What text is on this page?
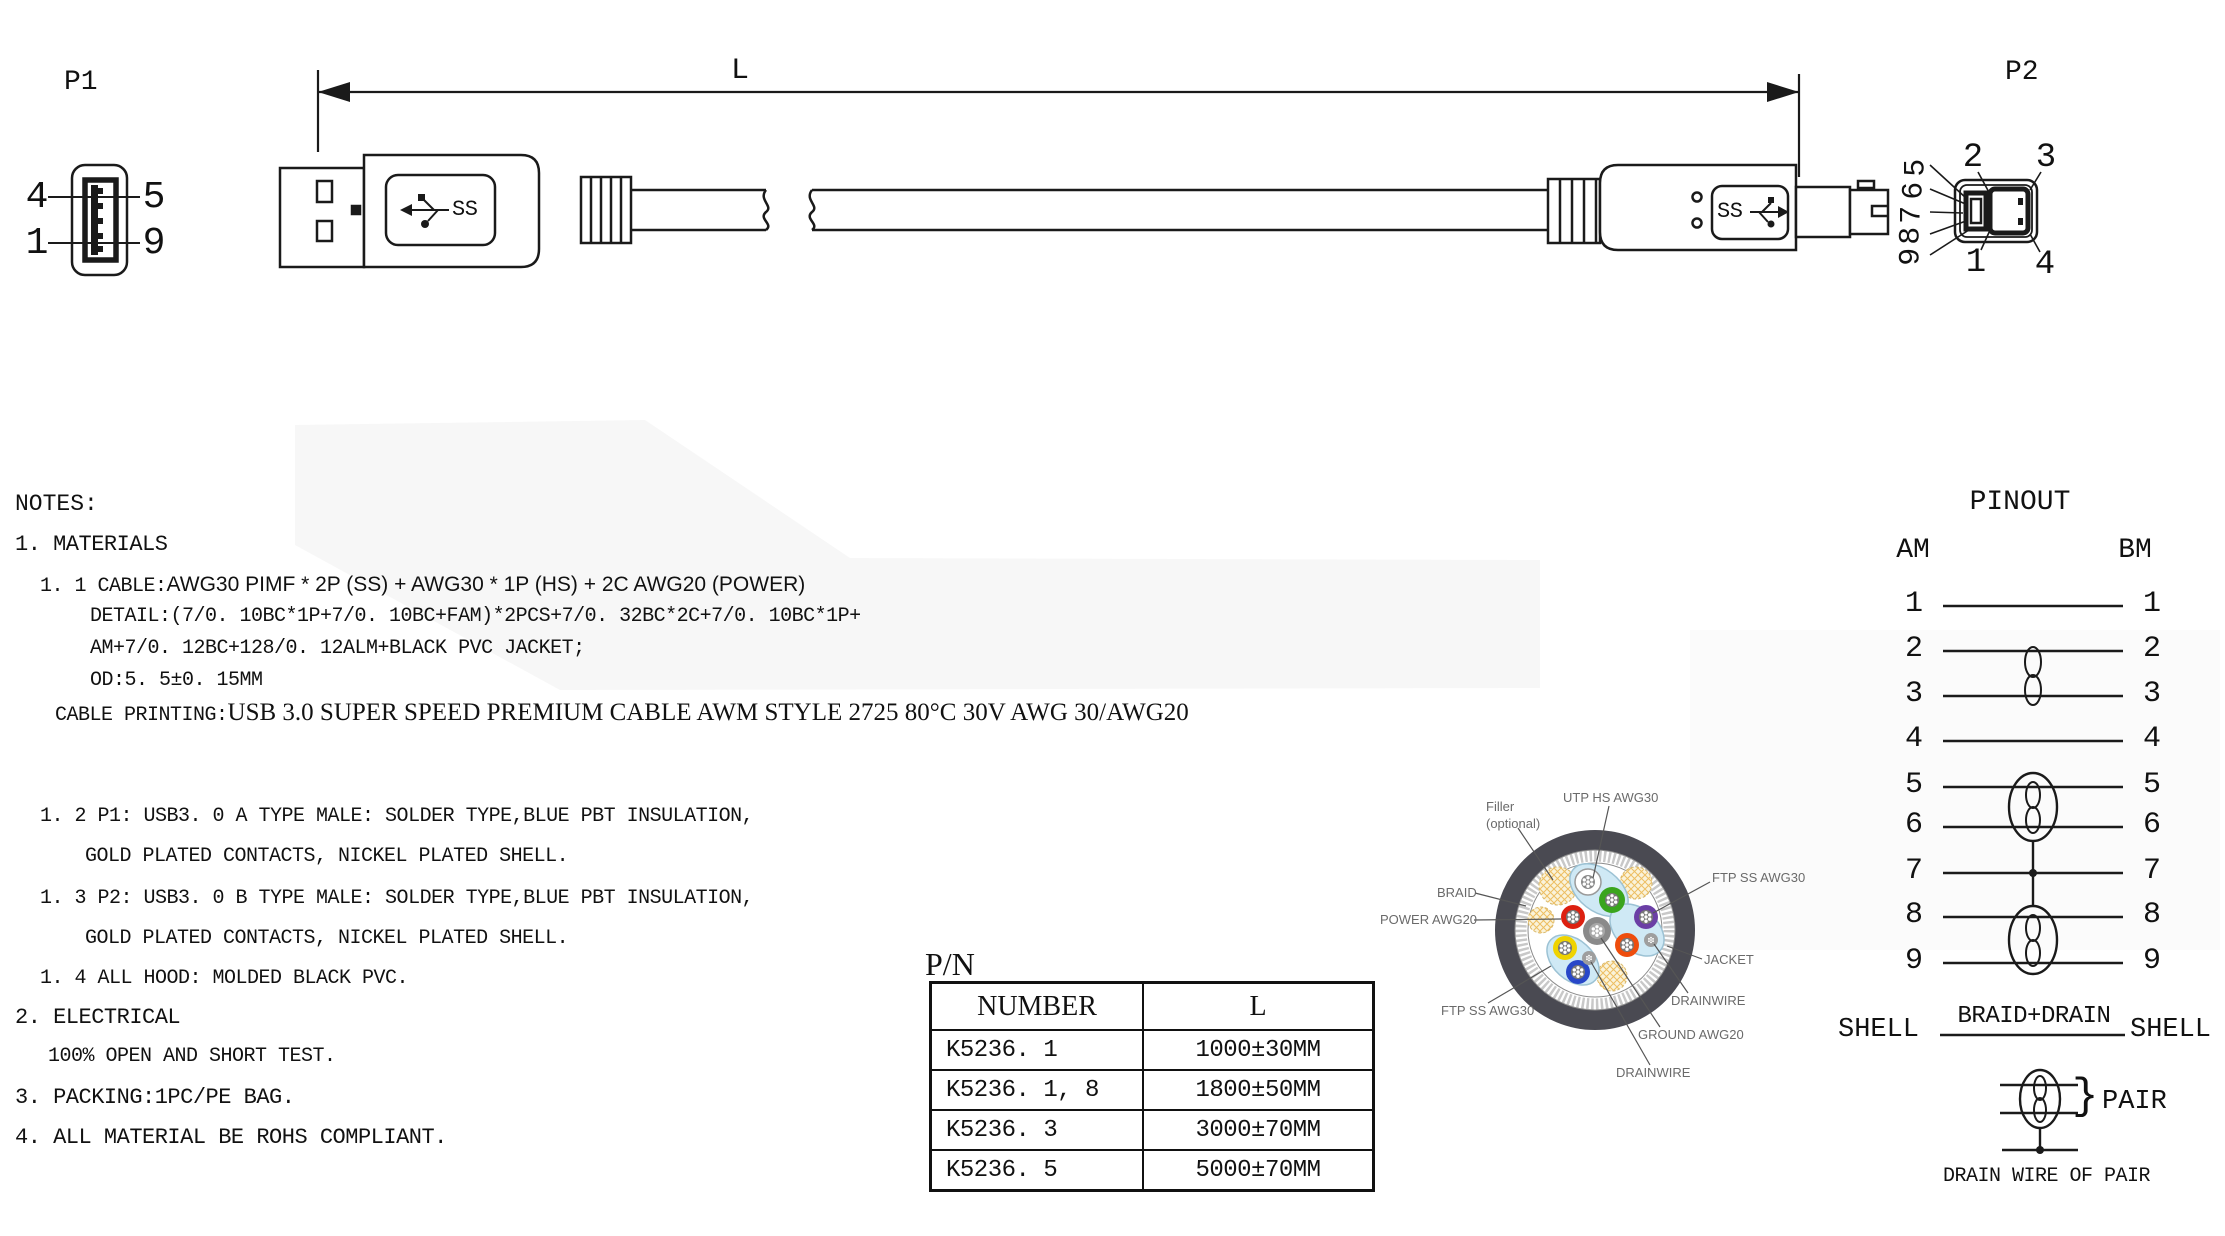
P1	P2
L
4 5
1 9
SS	SS
2 3
1 4
5
6
7
8
9
NOTES:
1. MATERIALS
1. 1 CABLE:AWG30 PIMF * 2P (SS) + AWG30 * 1P (HS) + 2C AWG20 (POWER)
DETAIL:(7/0. 10BC*1P+7/0. 10BC+FAM)*2PCS+7/0. 32BC*2C+7/0. 10BC*1P+
AM+7/0. 12BC+128/0. 12ALM+BLACK PVC JACKET;
OD:5. 5±0. 15MM
CABLE PRINTING:USB 3.0 SUPER SPEED PREMIUM CABLE AWM STYLE 2725 80°C 30V AWG 30/AWG20
1. 2 P1: USB3. 0 A TYPE MALE: SOLDER TYPE,BLUE PBT INSULATION,
GOLD PLATED CONTACTS, NICKEL PLATED SHELL.
1. 3 P2: USB3. 0 B TYPE MALE: SOLDER TYPE,BLUE PBT INSULATION,
GOLD PLATED CONTACTS, NICKEL PLATED SHELL.
1. 4 ALL HOOD: MOLDED BLACK PVC.
2. ELECTRICAL
100% OPEN AND SHORT TEST.
3. PACKING:1PC/PE BAG.
4. ALL MATERIAL BE ROHS COMPLIANT.
P/N
NUMBER	L
K5236. 1	1000±30MM
K5236. 1, 8	1800±50MM
K5236. 3	3000±70MM
K5236. 5	5000±70MM
Filler
(optional)
UTP HS AWG30
BRAID
POWER AWG20
FTP SS AWG30
JACKET
DRAINWIRE
FTP SS AWG30
GROUND AWG20
DRAINWIRE
PINOUT
AM	BM
1	1
2	2
3	3
4	4
5	5
6	6
7	7
8	8
9	9
SHELL	SHELL
BRAID+DRAIN
} PAIR
DRAIN WIRE OF PAIR
